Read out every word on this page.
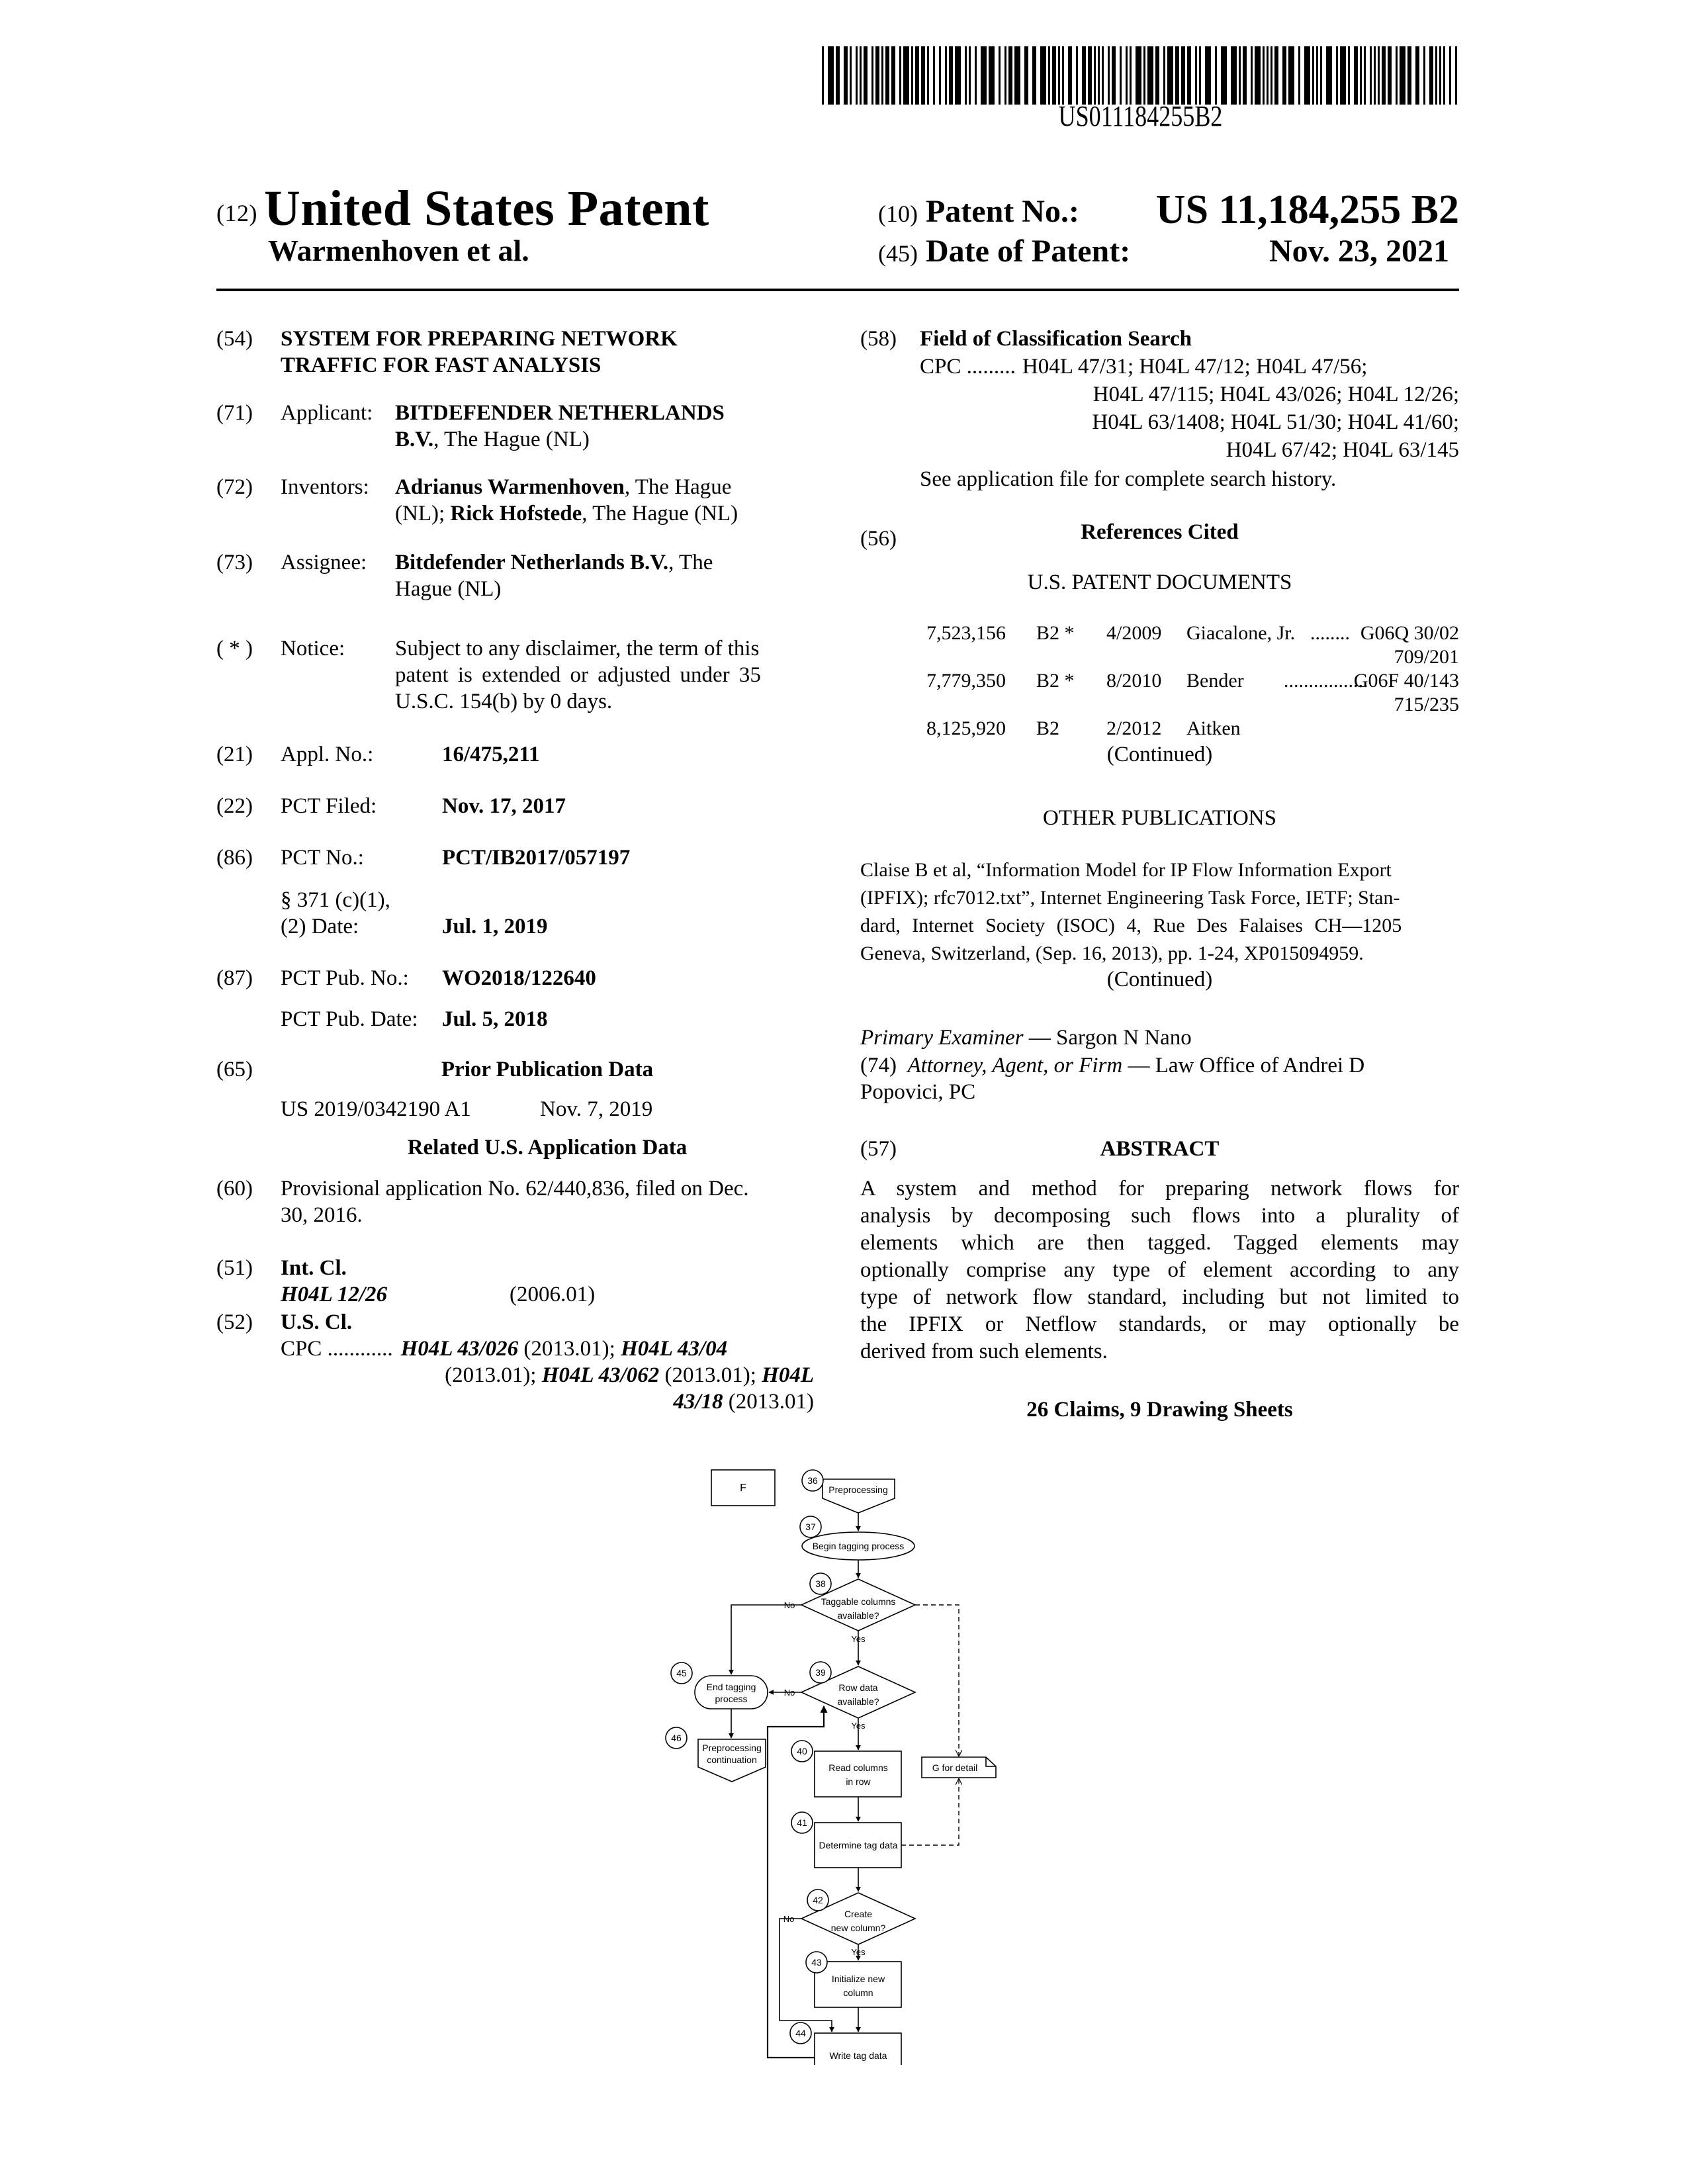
US011184255B2
(12) United States Patent
Warmenhoven et al.
(10) Patent No.: US 11,184,255 B2
(45) Date of Patent:	Nov. 23, 2021
(54) SYSTEM FOR PREPARING NETWORK
TRAFFIC FOR FAST ANALYSIS
(71) Applicant: BITDEFENDER NETHERLANDS
B.V., The Hague (NL)
(72) Inventors: Adrianus Warmenhoven, The Hague
(NL); Rick Hofstede, The Hague (NL)
(73) Assignee: Bitdefender Netherlands B.V., The
Hague (NL)
( * ) Notice: Subject to any disclaimer, the term of this
patent is extended or adjusted under 35
U.S.C. 154(b) by 0 days.
(21) Appl. No.:	16/475,211
(22) PCT Filed:	Nov. 17, 2017
(86) PCT No.:	PCT/IB2017/057197
§ 371 (c)(1),
(2) Date:	Jul. 1, 2019
(87) PCT Pub. No.: WO2018/122640
PCT Pub. Date: Jul. 5, 2018
(65)	Prior Publication Data
US 2019/0342190 A1	Nov. 7, 2019
Related U.S. Application Data
(60) Provisional application No. 62/440,836, filed on Dec.
30, 2016.
(51) Int. Cl.
H04L 12/26	(2006.01)
(52) U.S. Cl.
CPC ............ H04L 43/026 (2013.01); H04L 43/04
(2013.01); H04L 43/062 (2013.01); H04L
43/18 (2013.01)
(58) Field of Classification Search
CPC ......... H04L 47/31; H04L 47/12; H04L 47/56;
H04L 47/115; H04L 43/026; H04L 12/26;
H04L 63/1408; H04L 51/30; H04L 41/60;
H04L 67/42; H04L 63/145
See application file for complete search history.
(56)	References Cited
U.S. PATENT DOCUMENTS
7,523,156 B2 * 4/2009 Giacalone, Jr. ........ G06Q 30/02
709/201
7,779,350 B2 * 8/2010 Bender .................
G06F 40/143
715/235
8,125,920 B2 2/2012 Aitken
(Continued)
OTHER PUBLICATIONS
Claise B et al, “Information Model for IP Flow Information Export
(IPFIX); rfc7012.txt”, Internet Engineering Task Force, IETF; Stan-
dard, Internet Society (ISOC) 4, Rue Des Falaises CH—1205
Geneva, Switzerland, (Sep. 16, 2013), pp. 1-24, XP015094959.
(Continued)
Primary Examiner — Sargon N Nano
(74) Attorney, Agent, or Firm — Law Office of Andrei D
Popovici, PC
(57)	ABSTRACT
A system and method for preparing network flows for
analysis by decomposing such flows into a plurality of
elements which are then tagged. Tagged elements may
optionally comprise any type of element according to any
type of network flow standard, including but not limited to
the IPFIX or Netflow standards, or may optionally be
derived from such elements.
26 Claims, 9 Drawing Sheets
F
36
37
38
39
40
41
42
43
44
45
46
Preprocessing
Begin tagging process
Taggable columns
available?
Row data
available?
Read columns
in row
Determine tag data
Create
new column?
Initialize new
column
Write tag data
End tagging
process
Preprocessing
continuation
G for detail
Yes
Yes
Yes
No
No
No
